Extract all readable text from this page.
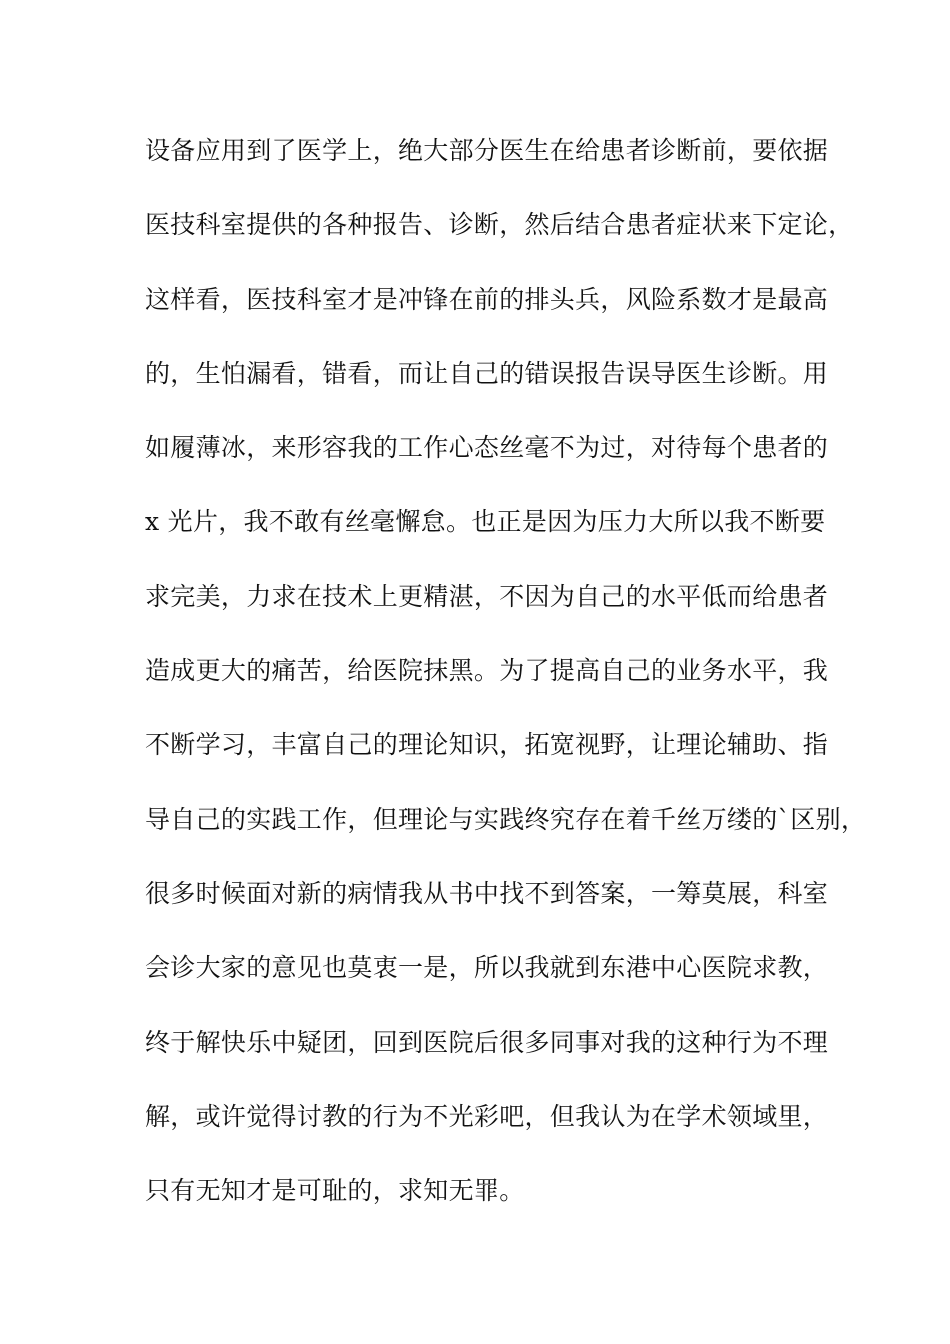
设备应用到了医学上，绝大部分医生在给患者诊断前，要依据
医技科室提供的各种报告、诊断，然后结合患者症状来下定论，
这样看，医技科室才是冲锋在前的排头兵，风险系数才是最高
的，生怕漏看，错看，而让自己的错误报告误导医生诊断。用
如履薄冰，来形容我的工作心态丝毫不为过，对待每个患者的
x 光片，我不敢有丝毫懈怠。也正是因为压力大所以我不断要
求完美，力求在技术上更精湛，不因为自己的水平低而给患者
造成更大的痛苦，给医院抹黑。为了提高自己的业务水平，我
不断学习，丰富自己的理论知识，拓宽视野，让理论辅助、指
导自己的实践工作，但理论与实践终究存在着千丝万缕的`区别，
很多时候面对新的病情我从书中找不到答案，一筹莫展，科室
会诊大家的意见也莫衷一是，所以我就到东港中心医院求教，
终于解快乐中疑团，回到医院后很多同事对我的这种行为不理
解，或许觉得讨教的行为不光彩吧，但我认为在学术领域里，
只有无知才是可耻的，求知无罪。
